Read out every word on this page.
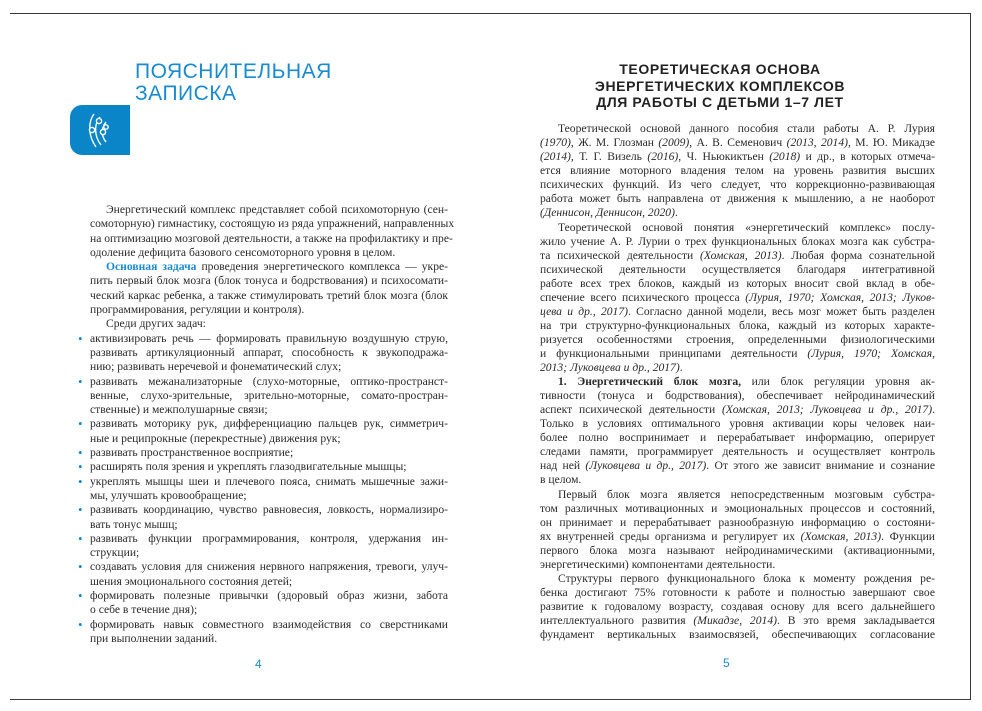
ПОЯСНИТЕЛЬНАЯ
ЗАПИСКА
Энергетический комплекс представляет собой психомоторную (сен-
сомоторную) гимнастику, состоящую из ряда упражнений, направленных
на оптимизацию мозговой деятельности, а также на профилактику и пре-
одоление дефицита базового сенсомоторного уровня в целом.
Основная задача проведения энергетического комплекса — укре-
пить первый блок мозга (блок тонуса и бодрствования) и психосомати-
ческий каркас ребенка, а также стимулировать третий блок мозга (блок
программирования, регуляции и контроля).
Среди других задач:
• активизировать речь — формировать правильную воздушную струю,
развивать артикуляционный аппарат, способность к звукоподража-
нию; развивать неречевой и фонематический слух;
• развивать межанализаторные (слухо-моторные, оптико-пространст-
венные, слухо-зрительные, зрительно-моторные, сомато-простран-
ственные) и межполушарные связи;
• развивать моторику рук, дифференциацию пальцев рук, симметрич-
ные и реципрокные (перекрестные) движения рук;
• развивать пространственное восприятие;
• расширять поля зрения и укреплять глазодвигательные мышцы;
• укреплять мышцы шеи и плечевого пояса, снимать мышечные зажи-
мы, улучшать кровообращение;
• развивать координацию, чувство равновесия, ловкость, нормализиро-
вать тонус мышц;
• развивать функции программирования, контроля, удержания ин-
струкции;
• создавать условия для снижения нервного напряжения, тревоги, улуч-
шения эмоционального состояния детей;
• формировать полезные привычки (здоровый образ жизни, забота
о себе в течение дня);
• формировать навык совместного взаимодействия со сверстниками
при выполнении заданий.
ТЕОРЕТИЧЕСКАЯ ОСНОВА
ЭНЕРГЕТИЧЕСКИХ КОМПЛЕКСОВ
ДЛЯ РАБОТЫ С ДЕТЬМИ 1–7 ЛЕТ
Теоретической основой данного пособия стали работы А. Р. Лурия
(1970), Ж. М. Глозман (2009), А. В. Семенович (2013, 2014), М. Ю. Микадзе
(2014), Т. Г. Визель (2016), Ч. Ньюкиктьен (2018) и др., в которых отмеча-
ется влияние моторного владения телом на уровень развития высших
психических функций. Из чего следует, что коррекционно-развивающая
работа может быть направлена от движения к мышлению, а не наоборот
(Деннисон, Деннисон, 2020).
Теоретической основой понятия «энергетический комплекс» послу-
жило учение А. Р. Лурии о трех функциональных блоках мозга как субстра-
та психической деятельности (Хомская, 2013). Любая форма сознательной
психической деятельности осуществляется благодаря интегративной
работе всех трех блоков, каждый из которых вносит свой вклад в обе-
спечение всего психического процесса (Лурия, 1970; Хомская, 2013; Луков-
цева и др., 2017). Согласно данной модели, весь мозг может быть разделен
на три структурно-функциональных блока, каждый из которых характе-
ризуется особенностями строения, определенными физиологическими
и функциональными принципами деятельности (Лурия, 1970; Хомская,
2013; Луковцева и др., 2017).
1. Энергетический блок мозга, или блок регуляции уровня ак-
тивности (тонуса и бодрствования), обеспечивает нейродинамический
аспект психической деятельности (Хомская, 2013; Луковцева и др., 2017).
Только в условиях оптимального уровня активации коры человек наи-
более полно воспринимает и перерабатывает информацию, оперирует
следами памяти, программирует деятельность и осуществляет контроль
над ней (Луковцева и др., 2017). От этого же зависит внимание и сознание
в целом.
Первый блок мозга является непосредственным мозговым субстра-
том различных мотивационных и эмоциональных процессов и состояний,
он принимает и перерабатывает разнообразную информацию о состояни-
ях внутренней среды организма и регулирует их (Хомская, 2013). Функции
первого блока мозга называют нейродинамическими (активационными,
энергетическими) компонентами деятельности.
Структуры первого функционального блока к моменту рождения ре-
бенка достигают 75% готовности к работе и полностью завершают свое
развитие к годовалому возрасту, создавая основу для всего дальнейшего
интеллектуального развития (Микадзе, 2014). В это время закладывается
фундамент вертикальных взаимосвязей, обеспечивающих согласование
4	5
